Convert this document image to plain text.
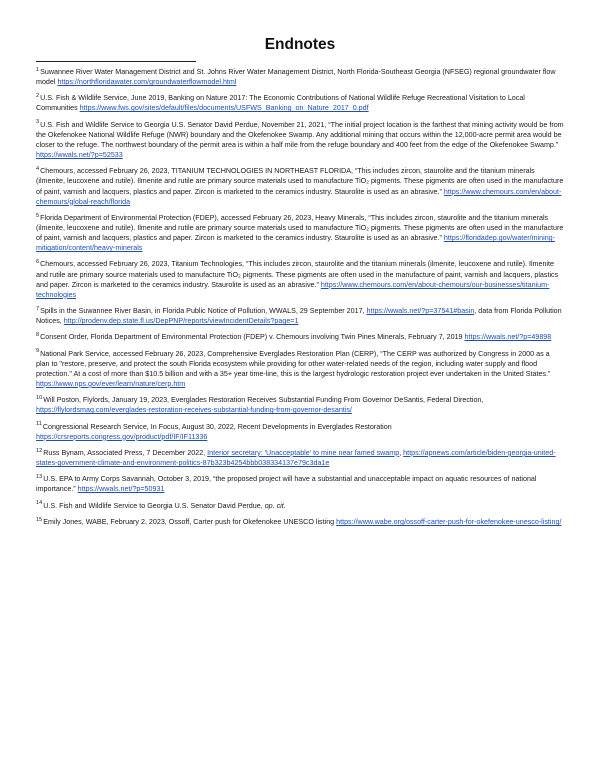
Endnotes

$^1$Suwannee River Water Management District and St. Johns River Water Management District, North Florida-Southeast Georgia (NFSEG) regional groundwater flow model https://northfloridawater.com/groundwaterflowmodel.html

$^2$U.S. Fish & Wildlife Service, June 2019, Banking on Nature 2017: The Economic Contributions of National Wildlife Refuge Recreational Visitation to Local Communities https://www.fws.gov/sites/default/files/documents/USFWS_Banking_on_Nature_2017_0.pdf

$^3$U.S. Fish and Wildlife Service to Georgia U.S. Senator David Perdue, November 21, 2021, “The initial project location is the farthest that mining activity would be from the Okefenokee National Wildlife Refuge (NWR) boundary and the Okefenokee Swamp. Any additional mining that occurs within the 12,000-acre permit area would be closer to the refuge. The northwest boundary of the permit area is within a half mile from the refuge boundary and 400 feet from the edge of the Okefenokee Swamp.” https://wwals.net/?p=52533

$^4$Chemours, accessed February 26, 2023, TITANIUM TECHNOLOGIES IN NORTHEAST FLORIDA, “This includes zircon, staurolite and the titanium minerals (ilmenite, leucoxene and rutile). Ilmenite and rutile are primary source materials used to manufacture TiO₂ pigments. These pigments are often used in the manufacture of paint, varnish and lacquers, plastics and paper. Zircon is marketed to the ceramics industry. Staurolite is used as an abrasive.” https://www.chemours.com/en/about-chemours/global-reach/florida

$^5$Florida Department of Environmental Protection (FDEP), accessed February 26, 2023, Heavy Minerals, “This includes zircon, staurolite and the titanium minerals (ilmenite, leucoxene and rutile). Ilmenite and rutile are primary source materials used to manufacture TiO₂ pigments. These pigments are often used in the manufacture of paint, varnish and lacquers, plastics and paper. Zircon is marketed to the ceramics industry. Staurolite is used as an abrasive.” https://floridadep.gov/water/mining-mitigation/content/heavy-minerals

$^6$Chemours, accessed February 26, 2023, Titanium Technologies, “This includes zircon, staurolite and the titanium minerals (ilmenite, leucoxene and rutile). Ilmenite and rutile are primary source materials used to manufacture TiO₂ pigments. These pigments are often used in the manufacture of paint, varnish and lacquers, plastics and paper. Zircon is marketed to the ceramics industry. Staurolite is used as an abrasive.” https://www.chemours.com/en/about-chemours/our-businesses/titanium-technologies

$^7$Spills in the Suwannee River Basin, in Florida Public Notice of Pollution, WWALS, 29 September 2017, https://wwals.net/?p=37541#basin, data from Florida Pollution Notices, http://prodenv.dep.state.fl.us/DepPNP/reports/viewIncidentDetails?page=1

$^8$Consent Order, Florida Department of Environmental Protection (FDEP) v. Chemours involving Twin Pines Minerals, February 7, 2019 https://wwals.net/?p=49898

$^9$National Park Service, accessed February 26, 2023, Comprehensive Everglades Restoration Plan (CERP), “The CERP was authorized by Congress in 2000 as a plan to "restore, preserve, and protect the south Florida ecosystem while providing for other water-related needs of the region, including water supply and flood protection." At a cost of more than $10.5 billion and with a 35+ year time-line, this is the largest hydrologic restoration project ever undertaken in the United States.” https://www.nps.gov/ever/learn/nature/cerp.htm

$^{10}$Will Poston, Flylords, January 19, 2023, Everglades Restoration Receives Substantial Funding From Governor DeSantis, Federal Direction, https://flylordsmag.com/everglades-restoration-receives-substantial-funding-from-governor-desantis/

$^{11}$Congressional Research Service, In Focus, August 30, 2022, Recent Developments in Everglades Restoration https://crsreports.congress.gov/product/pdf/IF/IF11336

$^{12}$Russ Bynam, Associated Press, 7 December 2022, Interior secretary: 'Unacceptable' to mine near famed swamp, https://apnews.com/article/biden-georgia-united-states-government-climate-and-environment-politics-87b323b4254bbb038334137e79c3da1e

$^{13}$U.S. EPA to Army Corps Savannah, October 3, 2019, “the proposed project will have a substantial and unacceptable impact on aquatic resources of national importance.” https://wwals.net/?p=50931

$^{14}$U.S. Fish and Wildlife Service to Georgia U.S. Senator David Perdue, op. cit.

$^{15}$Emily Jones, WABE, February 2, 2023, Ossoff, Carter push for Okefenokee UNESCO listing https://www.wabe.org/ossoff-carter-push-for-okefenokee-unesco-listing/
